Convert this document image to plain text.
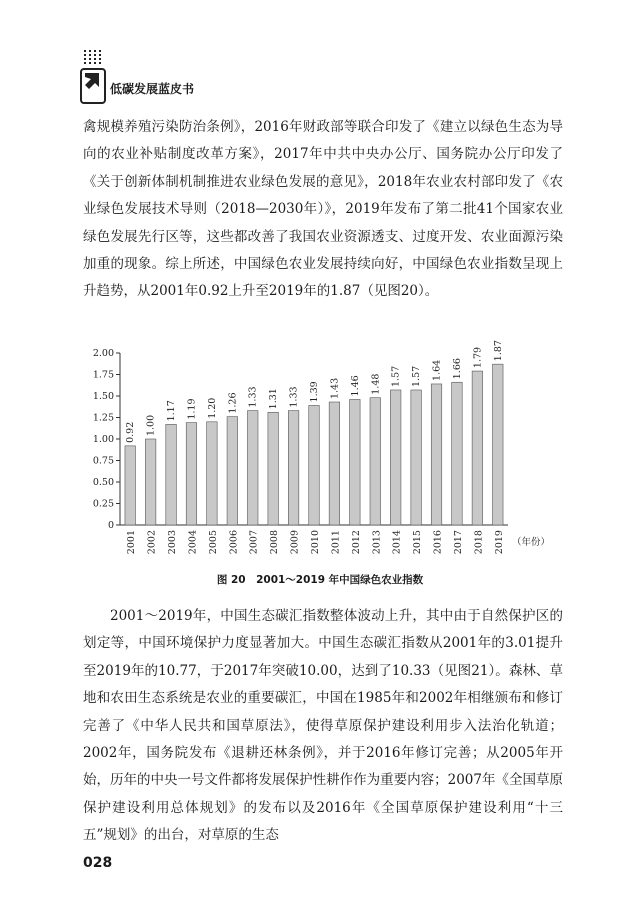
低碳发展蓝皮书

禽规模养殖污染防治条例》，2016年财政部等联合印发了《建立以绿色生态为导向的农业补贴制度改革方案》，2017年中共中央办公厅、国务院办公厅印发了《关于创新体制机制推进农业绿色发展的意见》，2018年农业农村部印发了《农业绿色发展技术导则（2018—2030年）》，2019年发布了第二批41个国家农业绿色发展先行区等，这些都改善了我国农业资源透支、过度开发、农业面源污染加重的现象。综上所述，中国绿色农业发展持续向好，中国绿色农业指数呈现上升趋势，从2001年0.92上升至2019年的1.87（见图20）。

0
0.25
0.50
0.75
1.00
1.25
1.50
1.75
2.00
0.92
2001
1.00
2002
1.17
2003
1.19
2004
1.20
2005
1.26
2006
1.33
2007
1.31
2008
1.33
2009
1.39
2010
1.43
2011
1.46
2012
1.48
2013
1.57
2014
1.57
2015
1.64
2016
1.66
2017
1.79
2018
1.87
2019 （年份）
图 20　2001～2019 年中国绿色农业指数

2001～2019年，中国生态碳汇指数整体波动上升，其中由于自然保护区的划定等，中国环境保护力度显著加大。中国生态碳汇指数从2001年的3.01提升至2019年的10.77，于2017年突破10.00，达到了10.33（见图21）。森林、草地和农田生态系统是农业的重要碳汇，中国在1985年和2002年相继颁布和修订完善了《中华人民共和国草原法》，使得草原保护建设利用步入法治化轨道；2002年，国务院发布《退耕还林条例》，并于2016年修订完善；从2005年开始，历年的中央一号文件都将发展保护性耕作作为重要内容；2007年《全国草原保护建设利用总体规划》的发布以及2016年《全国草原保护建设利用“十三五”规划》的出台，对草原的生态

028
